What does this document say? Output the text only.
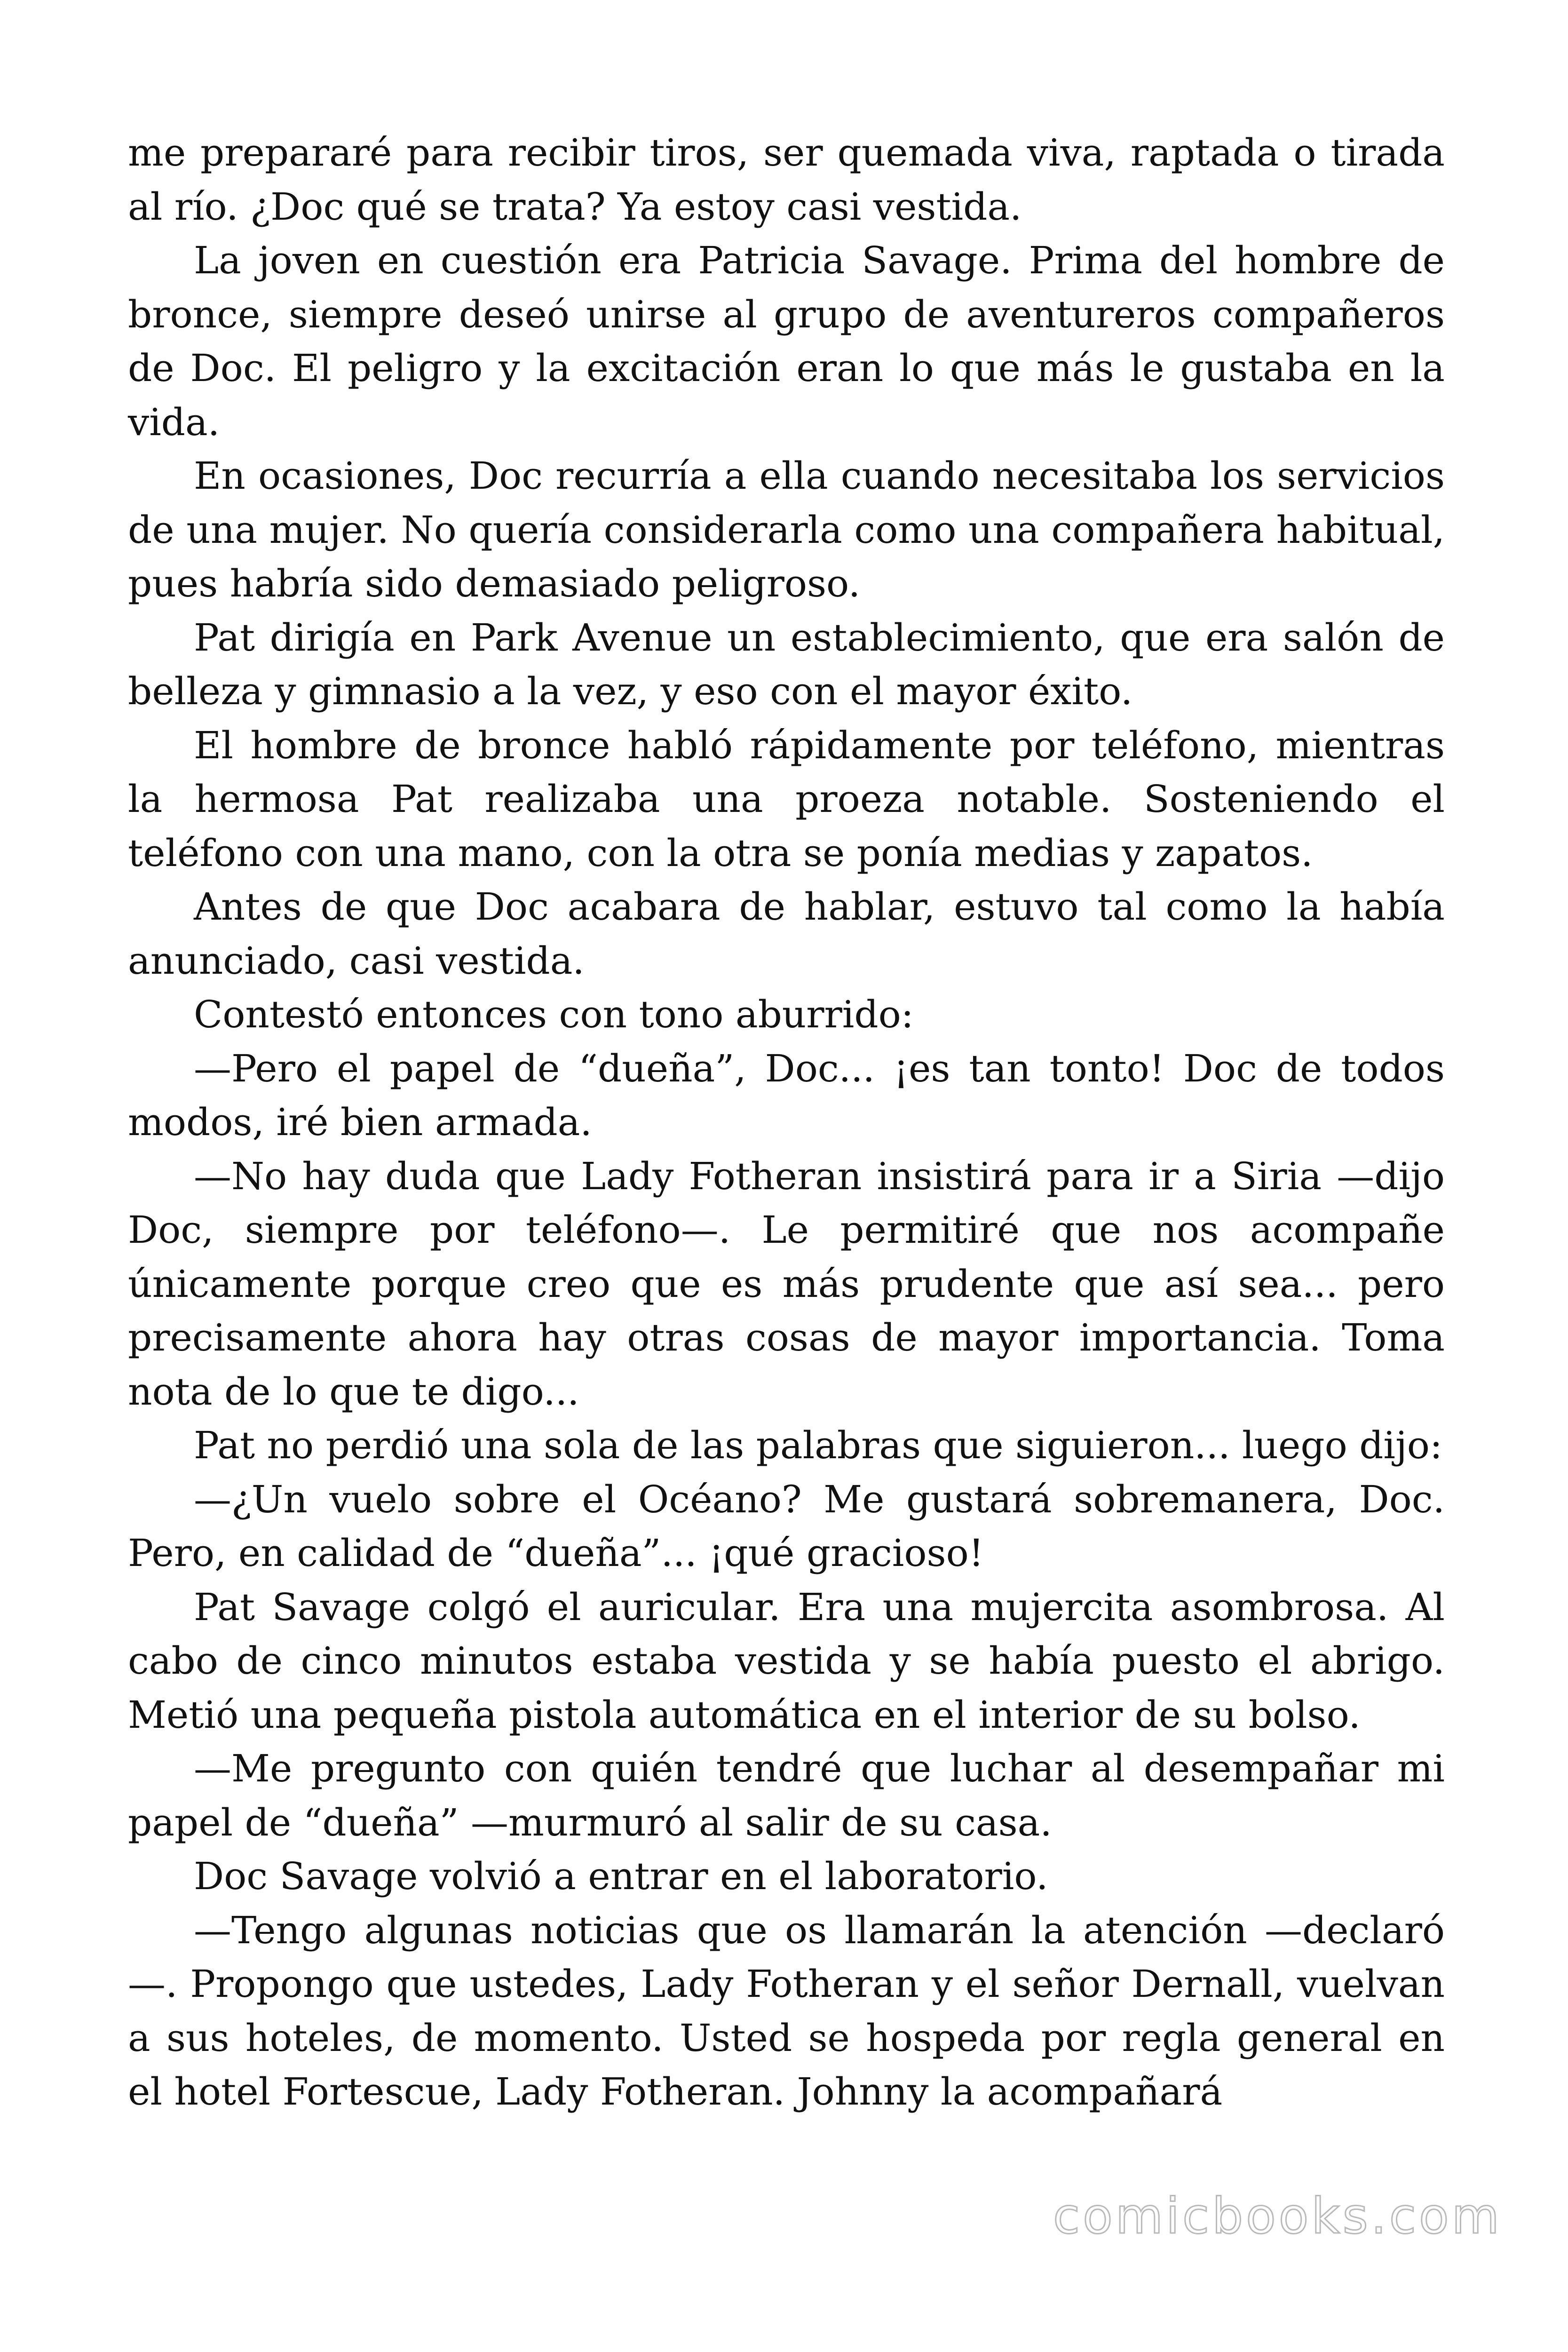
me prepararé para recibir tiros, ser quemada viva, raptada o tirada al río. ¿Doc qué se trata? Ya estoy casi vestida.

La joven en cuestión era Patricia Savage. Prima del hombre de bronce, siempre deseó unirse al grupo de aventureros compañeros de Doc. El peligro y la excitación eran lo que más le gustaba en la vida.

En ocasiones, Doc recurría a ella cuando necesitaba los servicios de una mujer. No quería considerarla como una compañera habitual, pues habría sido demasiado peligroso.

Pat dirigía en Park Avenue un establecimiento, que era salón de belleza y gimnasio a la vez, y eso con el mayor éxito.

El hombre de bronce habló rápidamente por teléfono, mientras la hermosa Pat realizaba una proeza notable. Sosteniendo el teléfono con una mano, con la otra se ponía medias y zapatos.

Antes de que Doc acabara de hablar, estuvo tal como la había anunciado, casi vestida.

Contestó entonces con tono aburrido:

—Pero el papel de “dueña”, Doc... ¡es tan tonto! Doc de todos modos, iré bien armada.

—No hay duda que Lady Fotheran insistirá para ir a Siria —dijo Doc, siempre por teléfono—. Le permitiré que nos acompañe únicamente porque creo que es más prudente que así sea... pero precisamente ahora hay otras cosas de mayor importancia. Toma nota de lo que te digo...

Pat no perdió una sola de las palabras que siguieron... luego dijo:

—¿Un vuelo sobre el Océano? Me gustará sobremanera, Doc. Pero, en calidad de “dueña”... ¡qué gracioso!

Pat Savage colgó el auricular. Era una mujercita asombrosa. Al cabo de cinco minutos estaba vestida y se había puesto el abrigo. Metió una pequeña pistola automática en el interior de su bolso.

—Me pregunto con quién tendré que luchar al desempañar mi papel de “dueña” —murmuró al salir de su casa.

Doc Savage volvió a entrar en el laboratorio.

—Tengo algunas noticias que os llamarán la atención —declaró —. Propongo que ustedes, Lady Fotheran y el señor Dernall, vuelvan a sus hoteles, de momento. Usted se hospeda por regla general en el hotel Fortescue, Lady Fotheran. Johnny la acompañará

comicbooks.com
